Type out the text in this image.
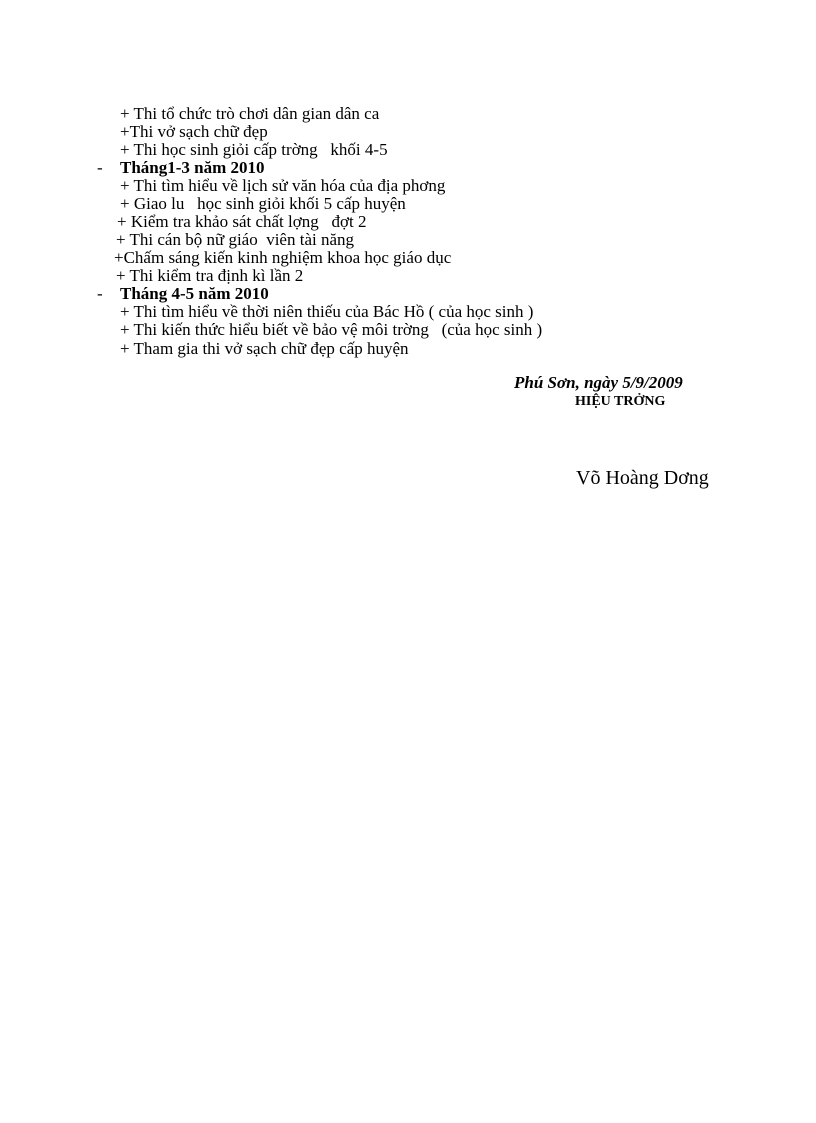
+ Thi tổ chức trò chơi dân gian dân ca
+Thi vở sạch chữ đẹp
+ Thi học sinh giỏi cấp trờng   khối 4-5
- Tháng1-3 năm 2010
+ Thi tìm hiểu về lịch sử văn hóa của địa phơng
+ Giao lu   học sinh giỏi khối 5 cấp huyện
+ Kiểm tra khảo sát chất lợng   đợt 2
+ Thi cán bộ nữ giáo  viên tài năng
+Chấm sáng kiến kinh nghiệm khoa học giáo dục
+ Thi kiểm tra định kì lần 2
- Tháng 4-5 năm 2010
+ Thi tìm hiểu về thời niên thiếu của Bác Hồ ( của học sinh )
+ Thi kiến thức hiểu biết về bảo vệ môi trờng   (của học sinh )
+ Tham gia thi vở sạch chữ đẹp cấp huyện
Phú Sơn, ngày 5/9/2009
HIỆU TRỞNG
Võ Hoàng Dơng
